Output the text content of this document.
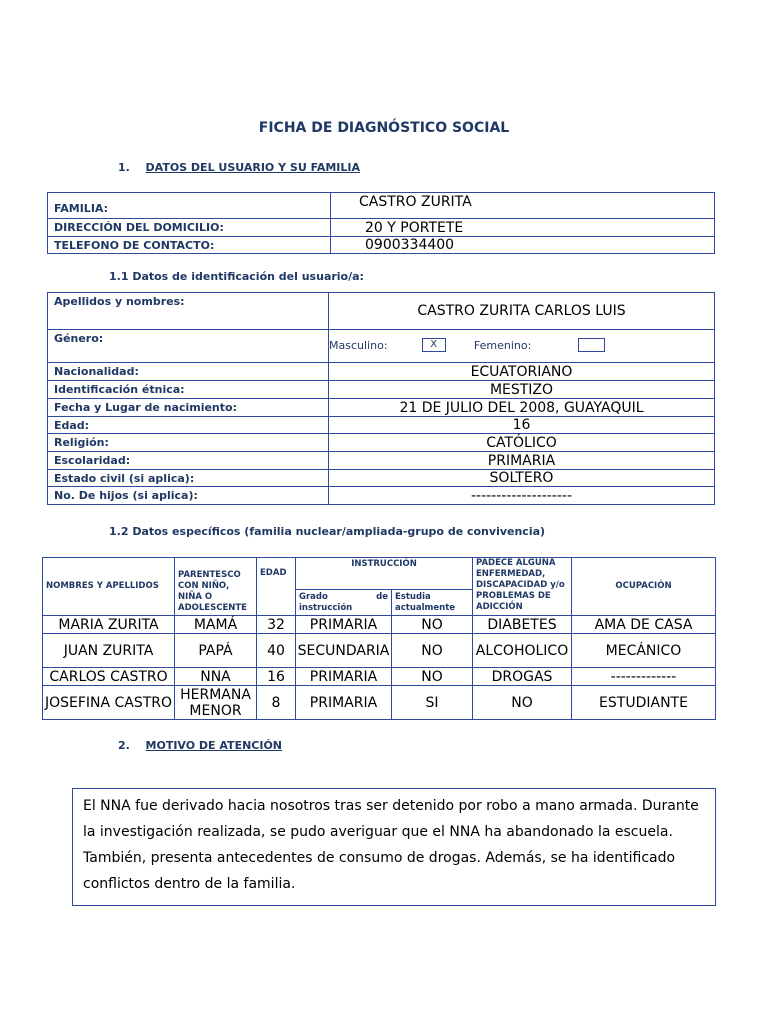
FICHA DE DIAGNÓSTICO SOCIAL
1. DATOS DEL USUARIO Y SU FAMILIA
FAMILIA:	CASTRO ZURITA
DIRECCIÓN DEL DOMICILIO:	20 Y PORTETE
TELEFONO DE CONTACTO:	0900334400
1.1 Datos de identificación del usuario/a:
Apellidos y nombres:	CASTRO ZURITA CARLOS LUIS
Género:	Masculino: X Femenino:
Nacionalidad:	ECUATORIANO
Identificación étnica:	MESTIZO
Fecha y Lugar de nacimiento:	21 DE JULIO DEL 2008, GUAYAQUIL
Edad:	16
Religión:	CATÓLICO
Escolaridad:	PRIMARIA
Estado civil (si aplica):	SOLTERO
No. De hijos (si aplica):	--------------------
1.2 Datos específicos (familia nuclear/ampliada-grupo de convivencia)
NOMBRES Y APELLIDOS	PARENTESCO CON NIÑO, NIÑA O ADOLESCENTE	EDAD	INSTRUCCIÓN		PADECE ALGUNA ENFERMEDAD, DISCAPACIDAD y/o PROBLEMAS DE ADICCIÓN	OCUPACIÓN
			Grado de instrucción	Estudia actualmente		
MARIA ZURITA	MAMÁ	32	PRIMARIA	NO	DIABETES	AMA DE CASA
JUAN ZURITA	PAPÁ	40	SECUNDARIA	NO	ALCOHOLICO	MECÁNICO
CARLOS CASTRO	NNA	16	PRIMARIA	NO	DROGAS	-------------
JOSEFINA CASTRO	HERMANA MENOR	8	PRIMARIA	SI	NO	ESTUDIANTE
2. MOTIVO DE ATENCIÓN
El NNA fue derivado hacia nosotros tras ser detenido por robo a mano armada. Durante la investigación realizada, se pudo averiguar que el NNA ha abandonado la escuela. También, presenta antecedentes de consumo de drogas. Además, se ha identificado conflictos dentro de la familia.
